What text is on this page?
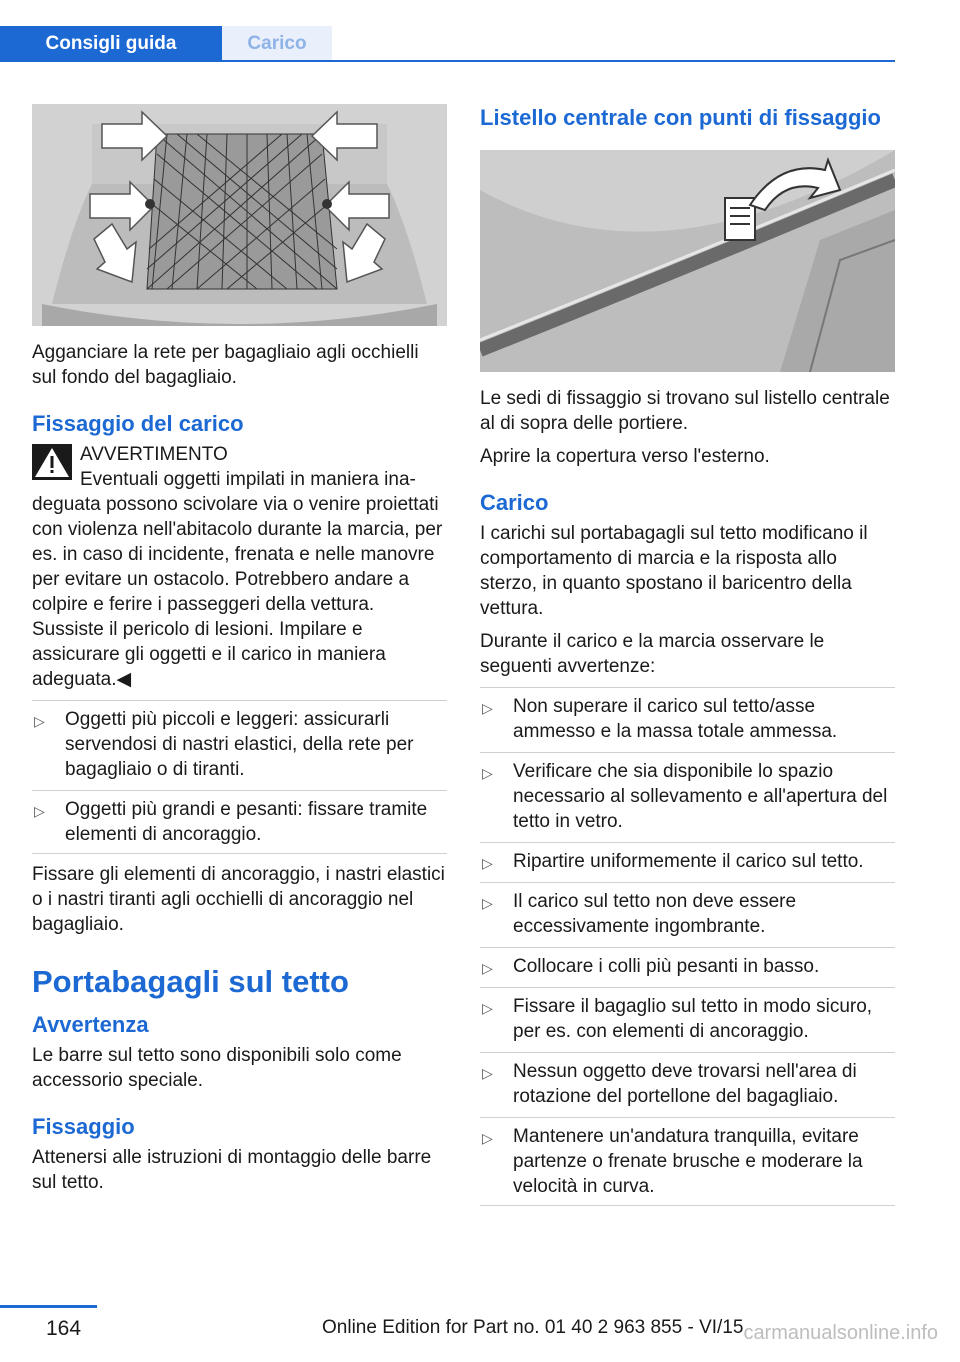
Consigli guida	Carico

Agganciare la rete per bagagliaio agli occhielli sul fondo del bagagliaio.

Fissaggio del carico
AVVERTIMENTO
Eventuali oggetti impilati in maniera ina-

deguata possono scivolare via o venire proiettati con violenza nell'abitacolo durante la marcia, per es. in caso di incidente, frenata e nelle manovre per evitare un ostacolo. Potrebbero andare a colpire e ferire i passeggeri della vettura. Sussiste il pericolo di lesioni. Impilare e assicurare gli oggetti e il carico in maniera adeguata.◀

▷ Oggetti più piccoli e leggeri: assicurarli servendosi di nastri elastici, della rete per bagagliaio o di tiranti.
▷ Oggetti più grandi e pesanti: fissare tramite elementi di ancoraggio.

Fissare gli elementi di ancoraggio, i nastri elastici o i nastri tiranti agli occhielli di ancoraggio nel bagagliaio.

Portabagagli sul tetto
Avvertenza

Le barre sul tetto sono disponibili solo come accessorio speciale.

Fissaggio

Attenersi alle istruzioni di montaggio delle barre sul tetto.

Listello centrale con punti di fissaggio

Le sedi di fissaggio si trovano sul listello centrale al di sopra delle portiere.

Aprire la copertura verso l'esterno.

Carico

I carichi sul portabagagli sul tetto modificano il comportamento di marcia e la risposta allo sterzo, in quanto spostano il baricentro della vettura.

Durante il carico e la marcia osservare le seguenti avvertenze:

▷ Non superare il carico sul tetto/asse ammesso e la massa totale ammessa.
▷ Verificare che sia disponibile lo spazio necessario al sollevamento e all'apertura del tetto in vetro.
▷ Ripartire uniformemente il carico sul tetto.
▷ Il carico sul tetto non deve essere eccessivamente ingombrante.
▷ Collocare i colli più pesanti in basso.
▷ Fissare il bagaglio sul tetto in modo sicuro, per es. con elementi di ancoraggio.
▷ Nessun oggetto deve trovarsi nell'area di rotazione del portellone del bagagliaio.
▷ Mantenere un'andatura tranquilla, evitare partenze o frenate brusche e moderare la velocità in curva.
164	Online Edition for Part no. 01 40 2 963 855 - VI/15 carmanualsonline.info
